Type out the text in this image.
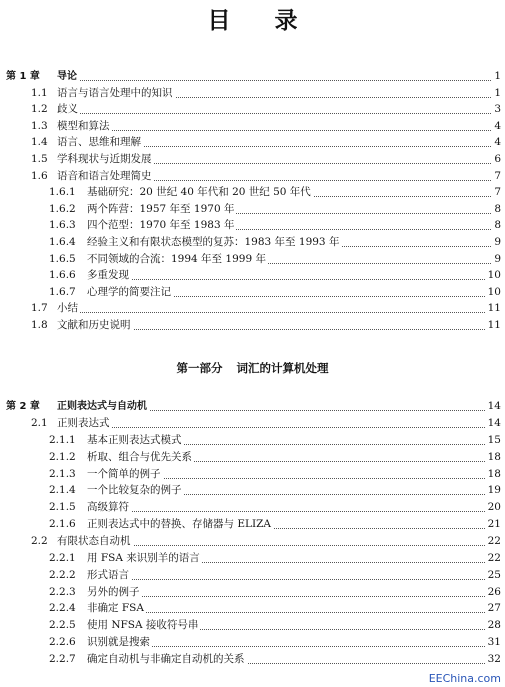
目 录
第 1 章 导论	1
1.1 语言与语言处理中的知识	1
1.2 歧义	3
1.3 模型和算法	4
1.4 语言、思维和理解	4
1.5 学科现状与近期发展	6
1.6 语音和语言处理简史	7
1.6.1 基础研究：20 世纪 40 年代和 20 世纪 50 年代	7
1.6.2 两个阵营：1957 年至 1970 年	8
1.6.3 四个范型：1970 年至 1983 年	8
1.6.4 经验主义和有限状态模型的复苏：1983 年至 1993 年	9
1.6.5 不同领域的合流：1994 年至 1999 年	9
1.6.6 多重发现	10
1.6.7 心理学的简要注记	10
1.7 小结	11
1.8 文献和历史说明	11
第一部分 词汇的计算机处理
第 2 章 正则表达式与自动机	14
2.1 正则表达式	14
2.1.1 基本正则表达式模式	15
2.1.2 析取、组合与优先关系	18
2.1.3 一个简单的例子	18
2.1.4 一个比较复杂的例子	19
2.1.5 高级算符	20
2.1.6 正则表达式中的替换、存储器与 ELIZA	21
2.2 有限状态自动机	22
2.2.1 用 FSA 来识别羊的语言	22
2.2.2 形式语言	25
2.2.3 另外的例子	26
2.2.4 非确定 FSA	27
2.2.5 使用 NFSA 接收符号串	28
2.2.6 识别就是搜索	31
2.2.7 确定自动机与非确定自动机的关系	32
EEChina.com
